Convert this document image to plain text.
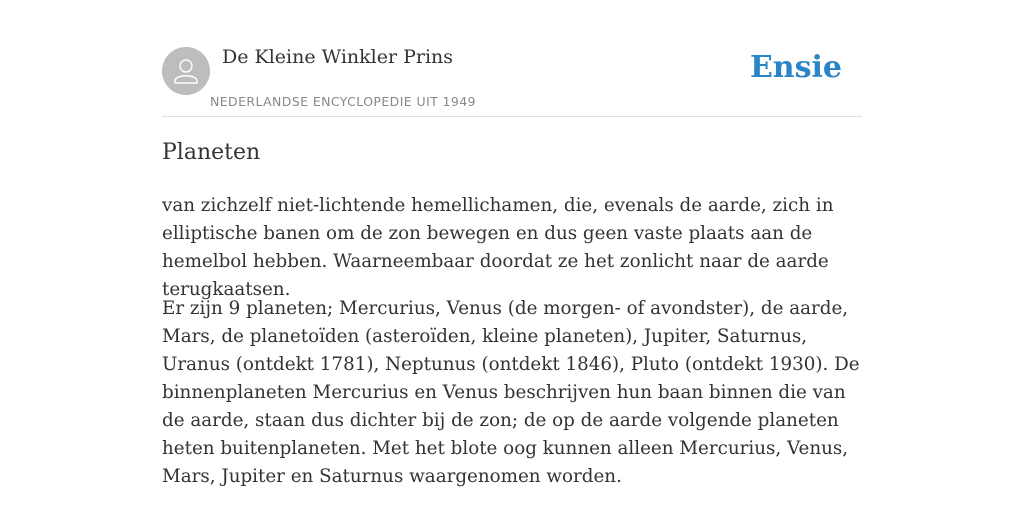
De Kleine Winkler Prins
NEDERLANDSE ENCYCLOPEDIE UIT 1949
Ensie
Planeten

van zichzelf niet-lichtende hemellichamen, die, evenals de aarde, zich in elliptische banen om de zon bewegen en dus geen vaste plaats aan de hemelbol hebben. Waarneembaar doordat ze het zonlicht naar de aarde terugkaatsen.

Er zijn 9 planeten; Mercurius, Venus (de morgen- of avondster), de aarde, Mars, de planetoïden (asteroïden, kleine planeten), Jupiter, Saturnus, Uranus (ontdekt 1781), Neptunus (ontdekt 1846), Pluto (ontdekt 1930). De binnenplaneten Mercurius en Venus beschrijven hun baan binnen die van de aarde, staan dus dichter bij de zon; de op de aarde volgende planeten heten buitenplaneten. Met het blote oog kunnen alleen Mercurius, Venus, Mars, Jupiter en Saturnus waargenomen worden.
